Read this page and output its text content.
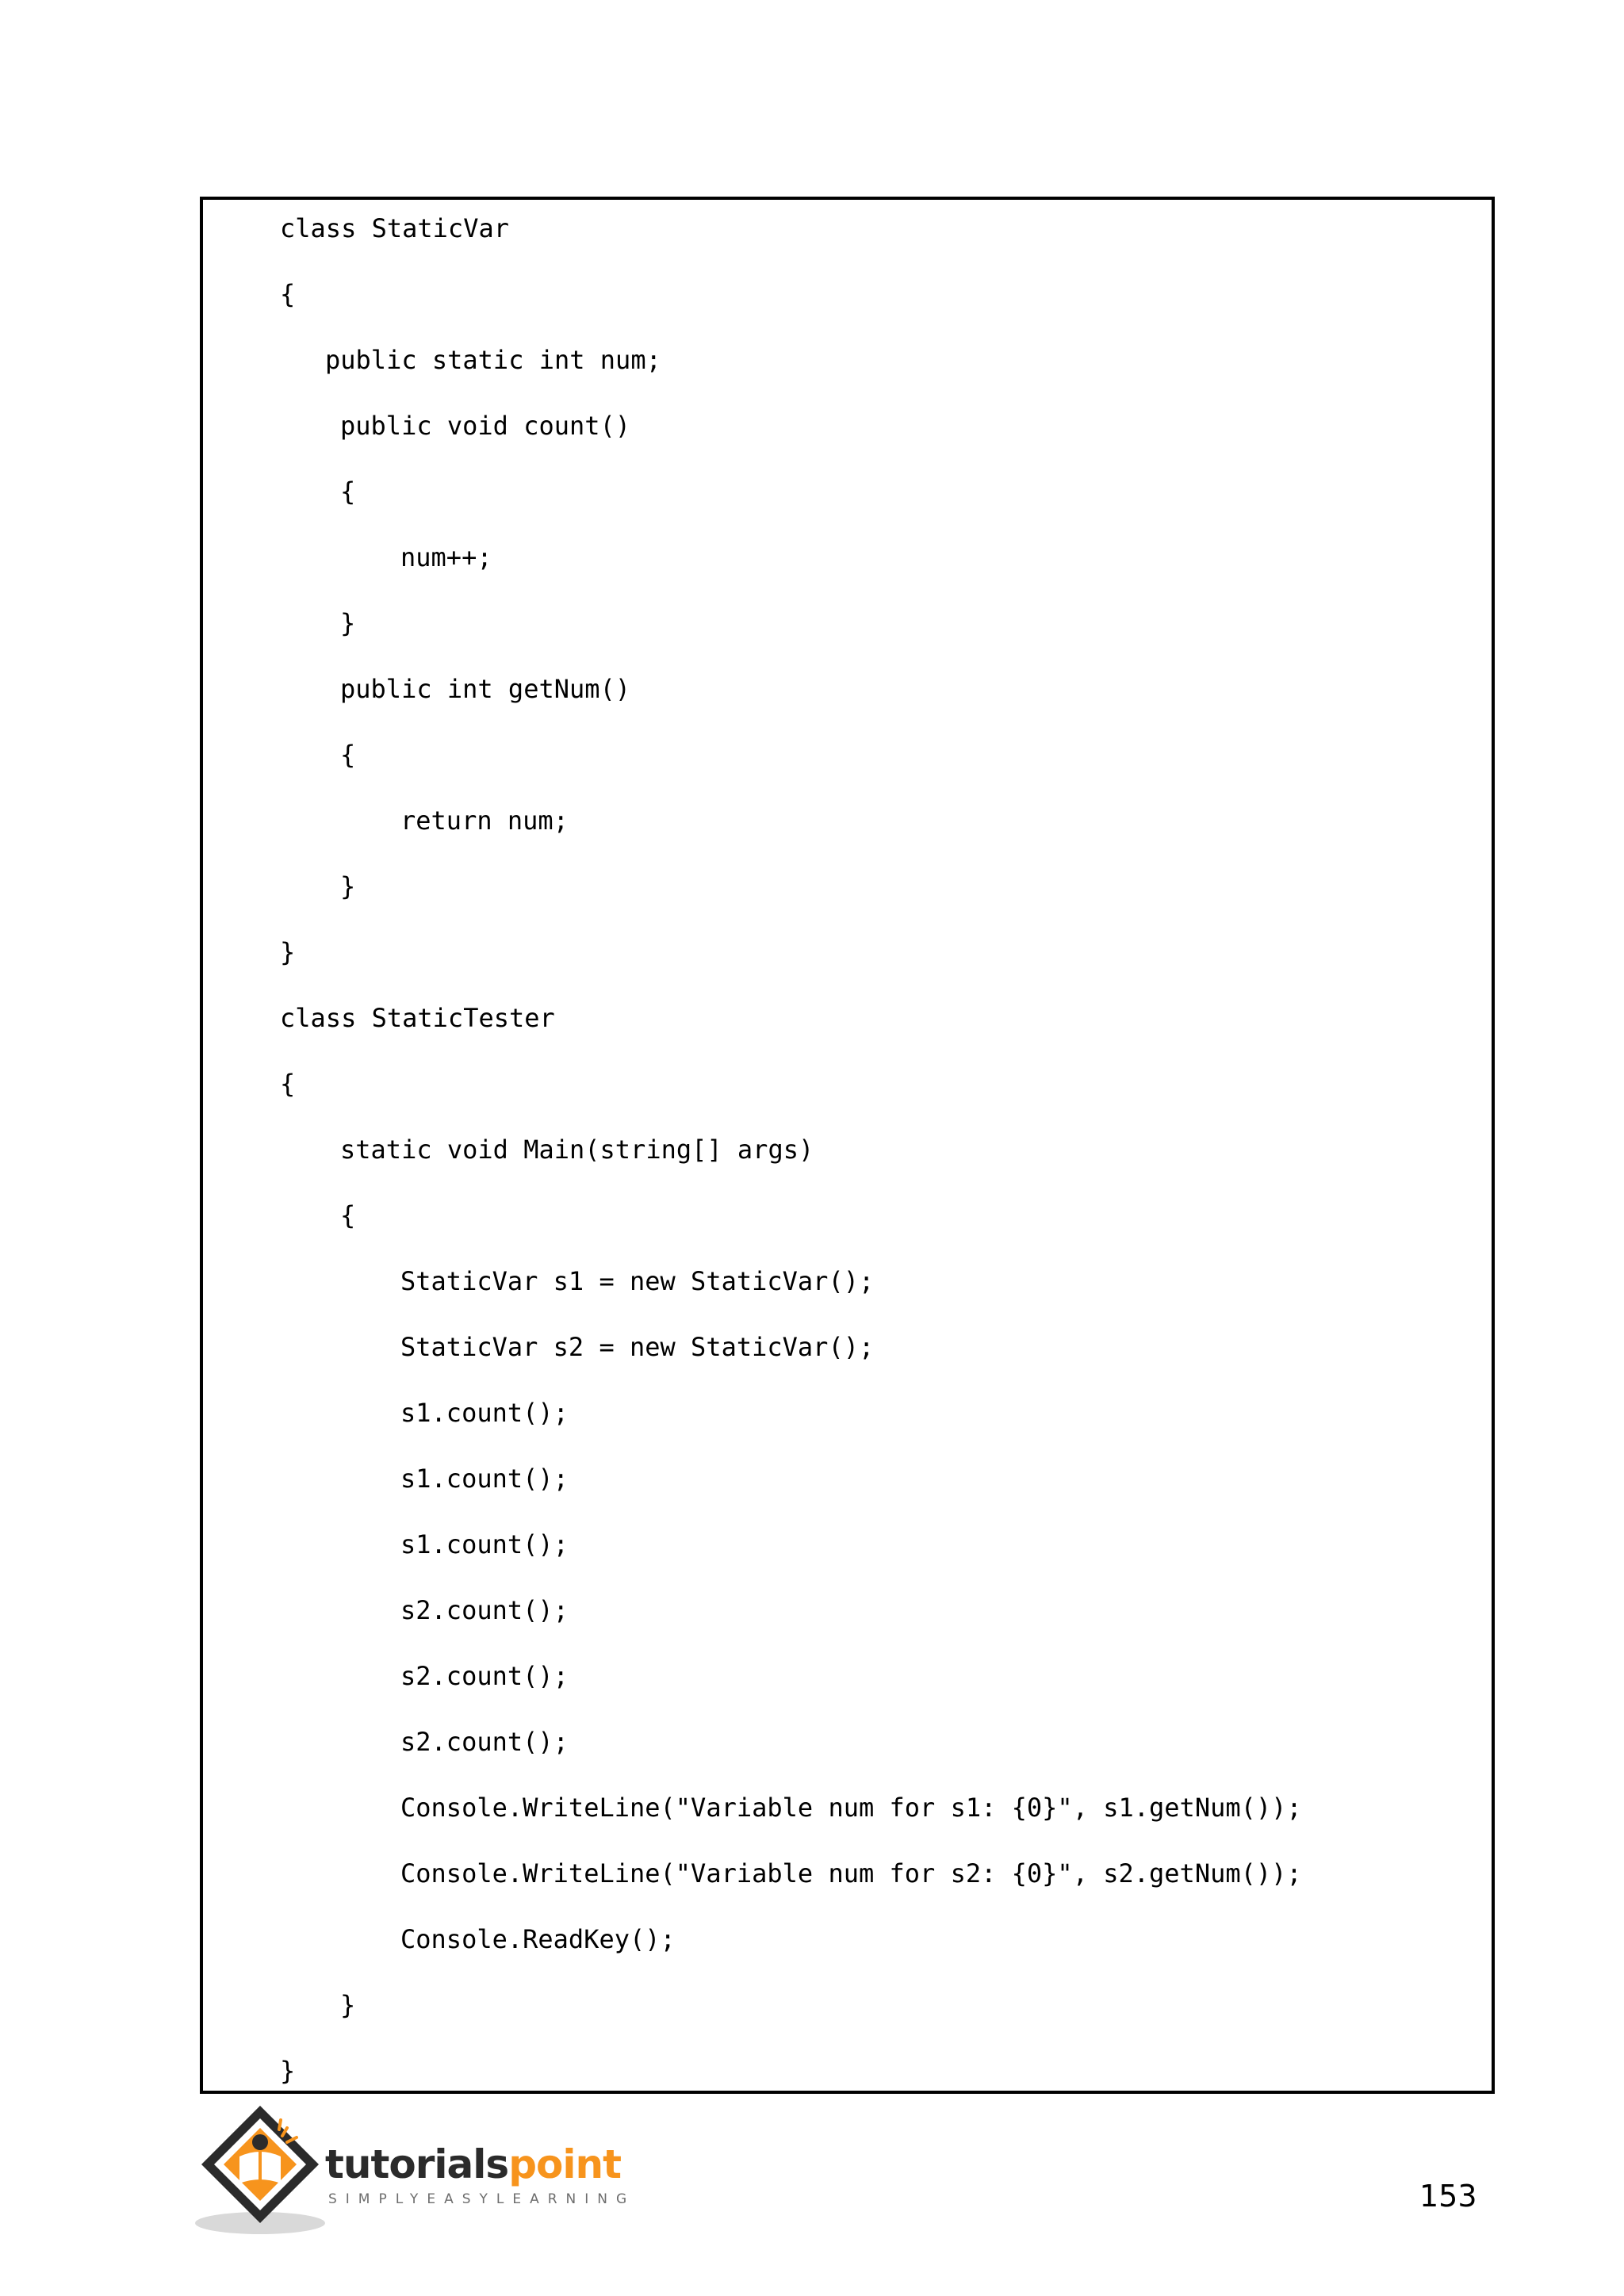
class StaticVar
{
public static int num;
public void count()
{
num++;
}
public int getNum()
{
return num;
}
}
class StaticTester
{
static void Main(string[] args)
{
StaticVar s1 = new StaticVar();
StaticVar s2 = new StaticVar();
s1.count();
s1.count();
s1.count();
s2.count();
s2.count();
s2.count();
Console.WriteLine("Variable num for s1: {0}", s1.getNum());
Console.WriteLine("Variable num for s2: {0}", s2.getNum());
Console.ReadKey();
}
}
tutorialspoint
SIMPLYEASYLEARNING	153
